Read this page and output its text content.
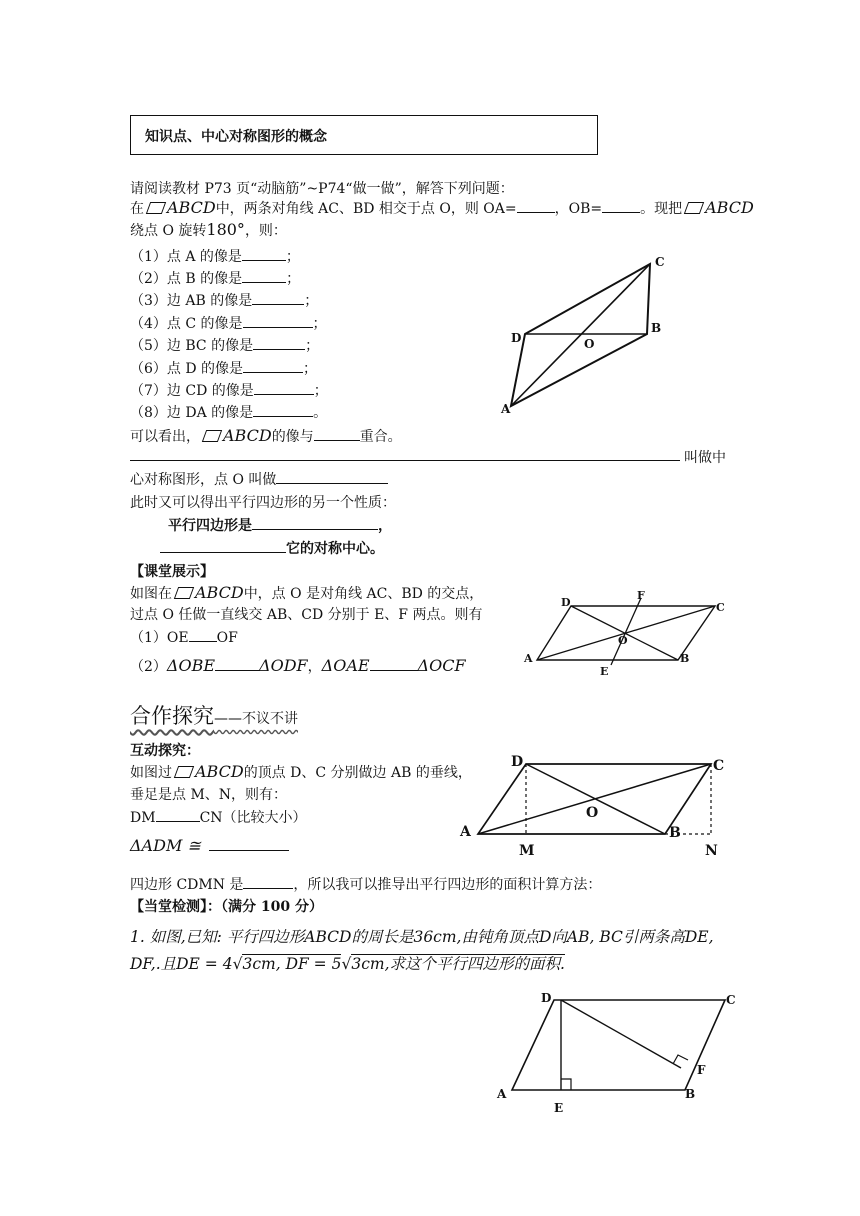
知识点、中心对称图形的概念
请阅读教材 P73 页“动脑筋”~P74“做一做”，解答下列问题：
在 ABCD中，两条对角线 AC、BD 相交于点 O，则 OA=	，OB=	。现把 ABCD
绕点 O 旋转180°，则：
（1）点 A 的像是	；
（2）点 B 的像是	；
（3）边 AB 的像是	；
（4）点 C 的像是	；
（5）边 BC 的像是	；
（6）点 D 的像是	；
（7）边 CD 的像是	；
（8）边 DA 的像是	。
可以看出， ABCD的像与	重合。
叫做中
心对称图形，点 O 叫做
此时又可以得出平行四边形的另一个性质：
平行四边形是	，
它的对称中心。
【课堂展示】
如图在 ABCD中，点 O 是对角线 AC、BD 的交点，
过点 O 任做一直线交 AB、CD 分别于 E、F 两点。则有
（1）OE OF
（2）ΔOBE	ΔODF，ΔOAE	ΔOCF
合作探究——不议不讲
互动探究：
如图过 ABCD的顶点 D、C 分别做边 AB 的垂线，
垂足是点 M、N，则有：
DM	CN（比较大小）
ΔADM ≅
四边形 CDMN 是	，所以我可以推导出平行四边形的面积计算方法：
【当堂检测】：（满分 100 分）
1. 如图,已知: 平行四边形ABCD的周长是36cm,由钝角顶点D向AB, BC引两条高DE,
DF,.且DE = 4√3cm, DF = 5√3cm,求这个平行四边形的面积.
A
D	O
B
C
D
F
C
O
A	B
E
D	C
O
A	B
M	N
D	C
F
A	B
E
